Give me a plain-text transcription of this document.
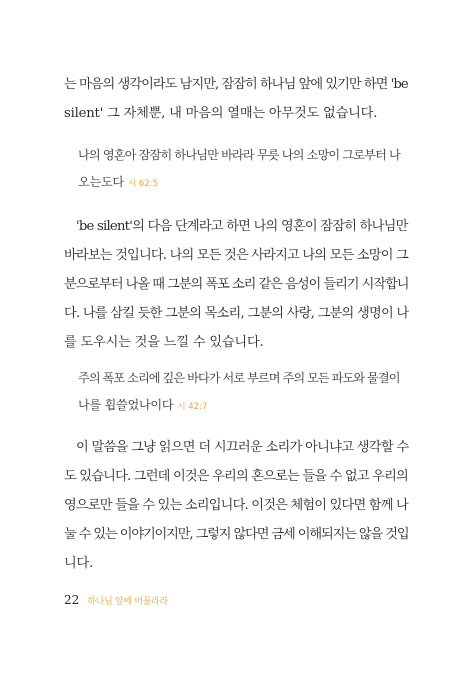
는 마음의 생각이라도 남지만, 잠잠히 하나님 앞에 있기만 하면 'be
silent' 그 자체뿐, 내 마음의 열매는 아무것도 없습니다.

나의 영혼아 잠잠히 하나님만 바라라 무릇 나의 소망이 그로부터 나
오는도다 시 62:5

'be silent'의 다음 단계라고 하면 나의 영혼이 잠잠히 하나님만
바라보는 것입니다. 나의 모든 것은 사라지고 나의 모든 소망이 그
분으로부터 나올 때 그분의 폭포 소리 같은 음성이 들리기 시작합니
다. 나를 삼킬 듯한 그분의 목소리, 그분의 사랑, 그분의 생명이 나
를 도우시는 것을 느낄 수 있습니다.

주의 폭포 소리에 깊은 바다가 서로 부르며 주의 모든 파도와 물결이
나를 휩쓸었나이다 시 42:7

이 말씀을 그냥 읽으면 더 시끄러운 소리가 아니냐고 생각할 수
도 있습니다. 그런데 이것은 우리의 혼으로는 들을 수 없고 우리의
영으로만 들을 수 있는 소리입니다. 이것은 체험이 있다면 함께 나
눌 수 있는 이야기이지만, 그렇지 않다면 금세 이해되지는 않을 것입
니다.

22 하나님 앞에 머물라라
